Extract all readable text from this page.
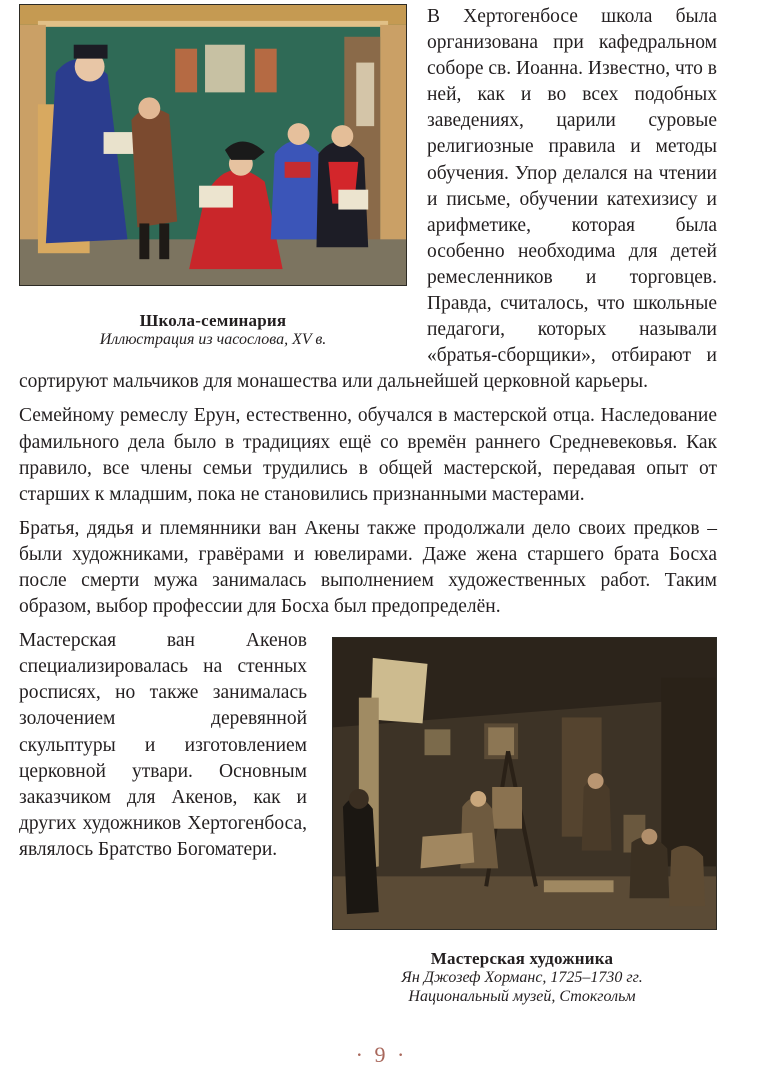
Школа-семинария
Иллюстрация из часослова, XV в.

В Хертогенбосе школа была организована при кафедральном соборе св. Иоанна. Известно, что в ней, как и во всех подобных заведениях, царили суровые религиозные правила и методы обучения. Упор делался на чтении и письме, обучении катехизису и арифметике, которая была особенно необходима для детей ремесленников и торговцев. Правда, считалось, что школьные педагоги, которых называли «братья-сборщики», отбирают и сортируют мальчиков для монашества или дальнейшей церковной карьеры.

Семейному ремеслу Ерун, естественно, обучался в мастерской отца. Наследование фамильного дела было в традициях ещё со времён раннего Средневековья. Как правило, все члены семьи трудились в общей мастерской, передавая опыт от старших к младшим, пока не становились признанными мастерами.

Братья, дядья и племянники ван Акены также продолжали дело своих предков – были художниками, гравёрами и ювелирами. Даже жена старшего брата Босха после смерти мужа занималась выполнением художественных работ. Таким образом, выбор профессии для Босха был предопределён.

Мастерская художника
Ян Джозеф Хорманс, 1725–1730 гг.
Национальный музей, Стокгольм

Мастерская ван Акенов специализировалась на стенных росписях, но также занималась золочением деревянной скульптуры и изготовлением церковной утвари. Основным заказчиком для Акенов, как и других художников Хертогенбоса, являлось Братство Богоматери.

· 9 ·
